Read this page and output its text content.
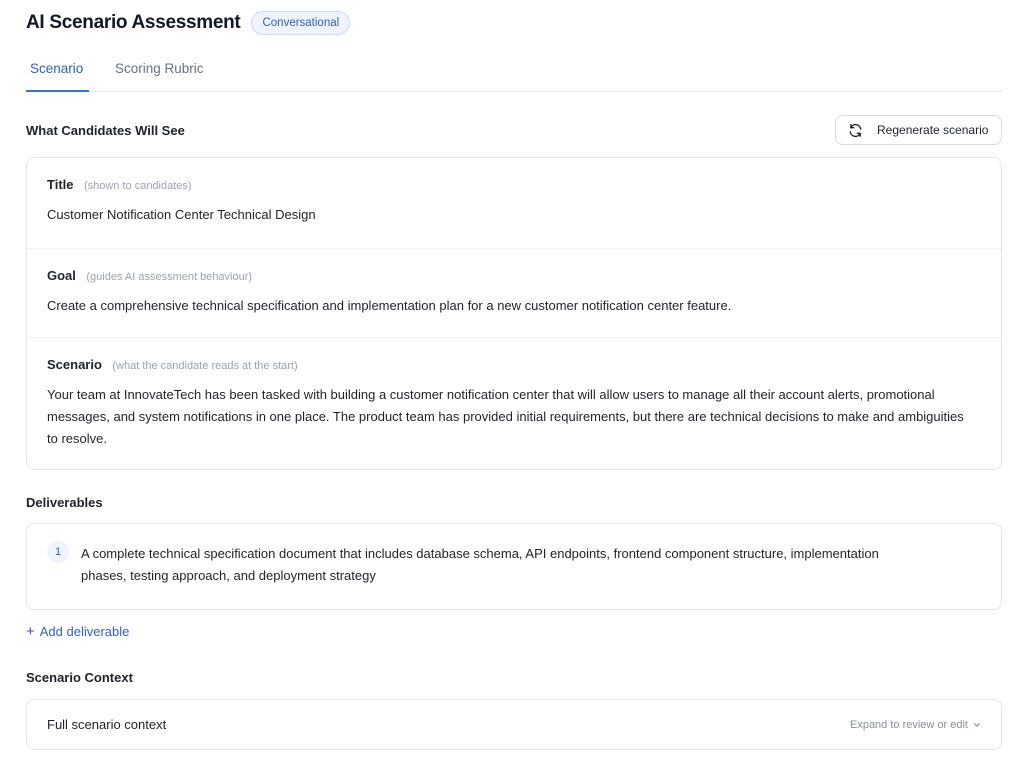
AI Scenario Assessment	Conversational
Scenario	Scoring Rubric
What Candidates Will See	Regenerate scenario
Title (shown to candidates)
Customer Notification Center Technical Design
Goal (guides AI assessment behaviour)
Create a comprehensive technical specification and implementation plan for a new customer notification center feature.
Scenario (what the candidate reads at the start)
Your team at InnovateTech has been tasked with building a customer notification center that will allow users to manage all their account alerts, promotional messages, and system notifications in one place. The product team has provided initial requirements, but there are technical decisions to make and ambiguities to resolve.
Deliverables
1	A complete technical specification document that includes database schema, API endpoints, frontend component structure, implementation phases, testing approach, and deployment strategy
+ Add deliverable
Scenario Context
Full scenario context	Expand to review or edit
